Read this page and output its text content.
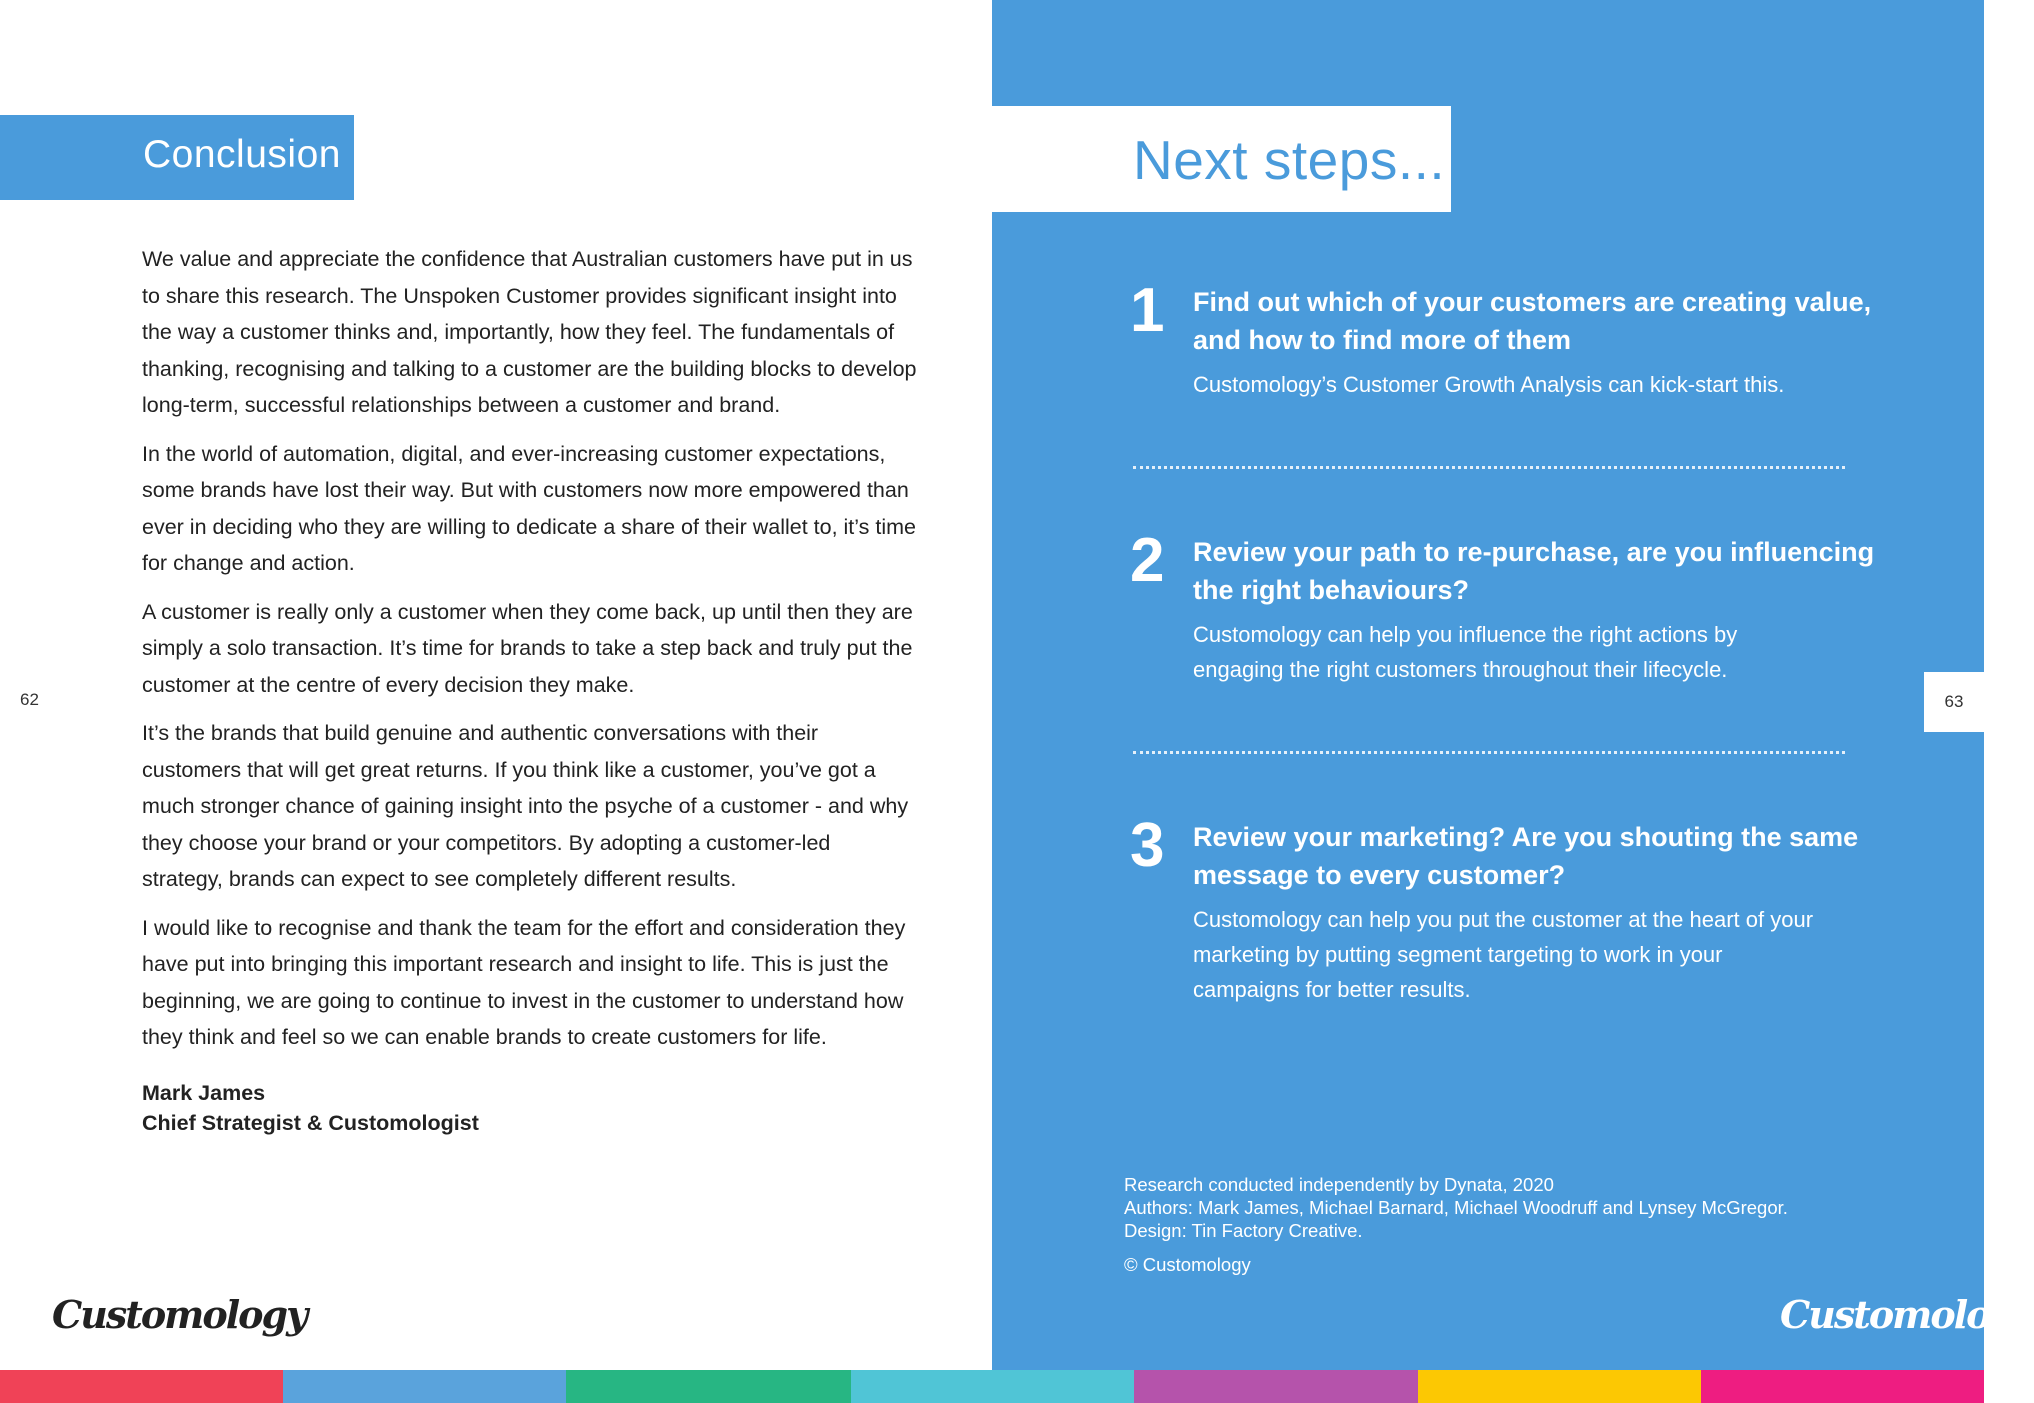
Conclusion

We value and appreciate the confidence that Australian customers have put in us to share this research. The Unspoken Customer provides significant insight into the way a customer thinks and, importantly, how they feel. The fundamentals of thanking, recognising and talking to a customer are the building blocks to develop long-term, successful relationships between a customer and brand.

In the world of automation, digital, and ever-increasing customer expectations, some brands have lost their way. But with customers now more empowered than ever in deciding who they are willing to dedicate a share of their wallet to, it’s time for change and action.

A customer is really only a customer when they come back, up until then they are simply a solo transaction. It’s time for brands to take a step back and truly put the customer at the centre of every decision they make.

It’s the brands that build genuine and authentic conversations with their customers that will get great returns. If you think like a customer, you’ve got a much stronger chance of gaining insight into the psyche of a customer - and why they choose your brand or your competitors. By adopting a customer-led strategy, brands can expect to see completely different results.

I would like to recognise and thank the team for the effort and consideration they have put into bringing this important research and insight to life. This is just the beginning, we are going to continue to invest in the customer to understand how they think and feel so we can enable brands to create customers for life.

Mark James
Chief Strategist & Customologist
62
Customology
Next steps...
1 Find out which of your customers are creating value, and how to find more of them
Customology’s Customer Growth Analysis can kick-start this.
2 Review your path to re-purchase, are you influencing the right behaviours?
Customology can help you influence the right actions by engaging the right customers throughout their lifecycle.
3 Review your marketing? Are you shouting the same message to every customer?
Customology can help you put the customer at the heart of your marketing by putting segment targeting to work in your campaigns for better results.
Research conducted independently by Dynata, 2020
Authors: Mark James, Michael Barnard, Michael Woodruff and Lynsey McGregor.
Design: Tin Factory Creative.
© Customology
63
Customology
